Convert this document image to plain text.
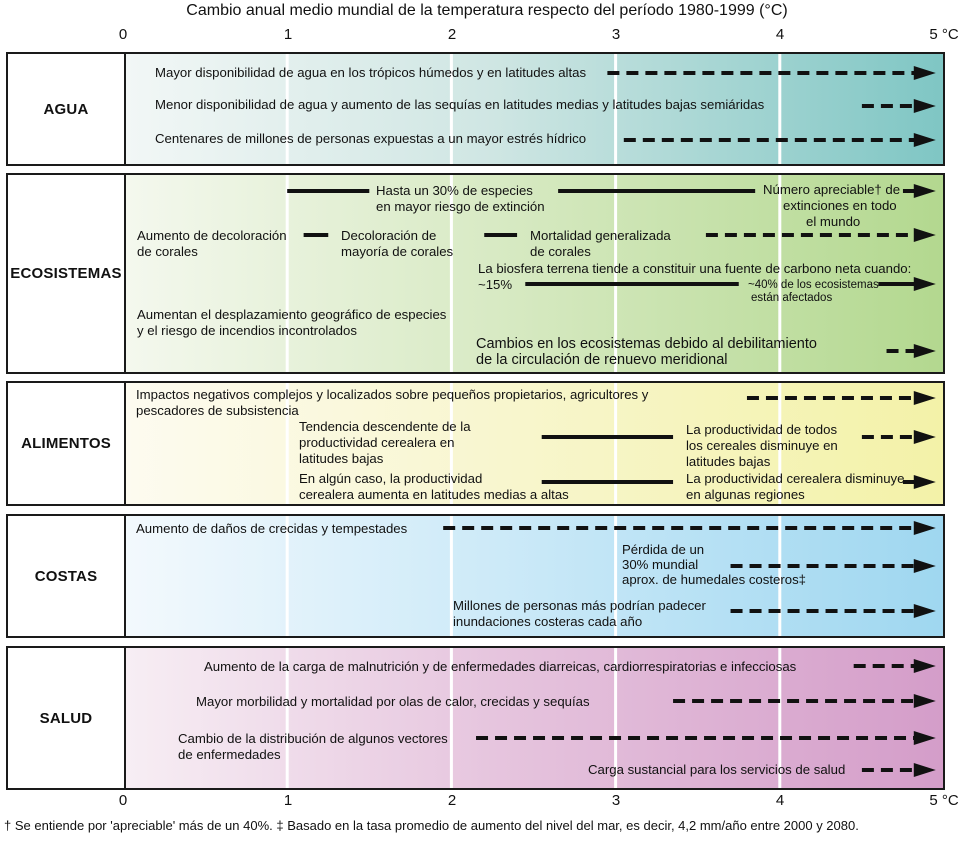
Cambio anual medio mundial de la temperatura respecto del período 1980-1999 (°C)
0	1	2	3	4	5 °C
AGUA
ECOSISTEMAS
ALIMENTOS
COSTAS
SALUD
Mayor disponibilidad de agua en los trópicos húmedos y en latitudes altas
Menor disponibilidad de agua y aumento de las sequías en latitudes medias y latitudes bajas semiáridas
Centenares de millones de personas expuestas a un mayor estrés hídrico
Hasta un 30% de especies
en mayor riesgo de extinción
Número apreciable† de
extinciones en todo
el mundo
Aumento de decoloración
de corales
Decoloración de
mayoría de corales
Mortalidad generalizada
de corales
La biosfera terrena tiende a constituir una fuente de carbono neta cuando:
~15%	~40% de los ecosistemas
están afectados
Aumentan el desplazamiento geográfico de especies
y el riesgo de incendios incontrolados
Cambios en los ecosistemas debido al debilitamiento
de la circulación de renuevo meridional
Impactos negativos complejos y localizados sobre pequeños propietarios, agricultores y
pescadores de subsistencia
Tendencia descendente de la
productividad cerealera en
latitudes bajas
La productividad de todos
los cereales disminuye en
latitudes bajas
En algún caso, la productividad
cerealera aumenta en latitudes medias a altas
La productividad cerealera disminuye
en algunas regiones
Aumento de daños de crecidas y tempestades
Pérdida de un
30% mundial
aprox. de humedales costeros‡
Millones de personas más podrían padecer
inundaciones costeras cada año
Aumento de la carga de malnutrición y de enfermedades diarreicas, cardiorrespiratorias e infecciosas
Mayor morbilidad y mortalidad por olas de calor, crecidas y sequías
Cambio de la distribución de algunos vectores
de enfermedades
Carga sustancial para los servicios de salud
0	1	2	3	4	5 °C
† Se entiende por 'apreciable' más de un 40%. ‡ Basado en la tasa promedio de aumento del nivel del mar, es decir, 4,2 mm/año entre 2000 y 2080.
